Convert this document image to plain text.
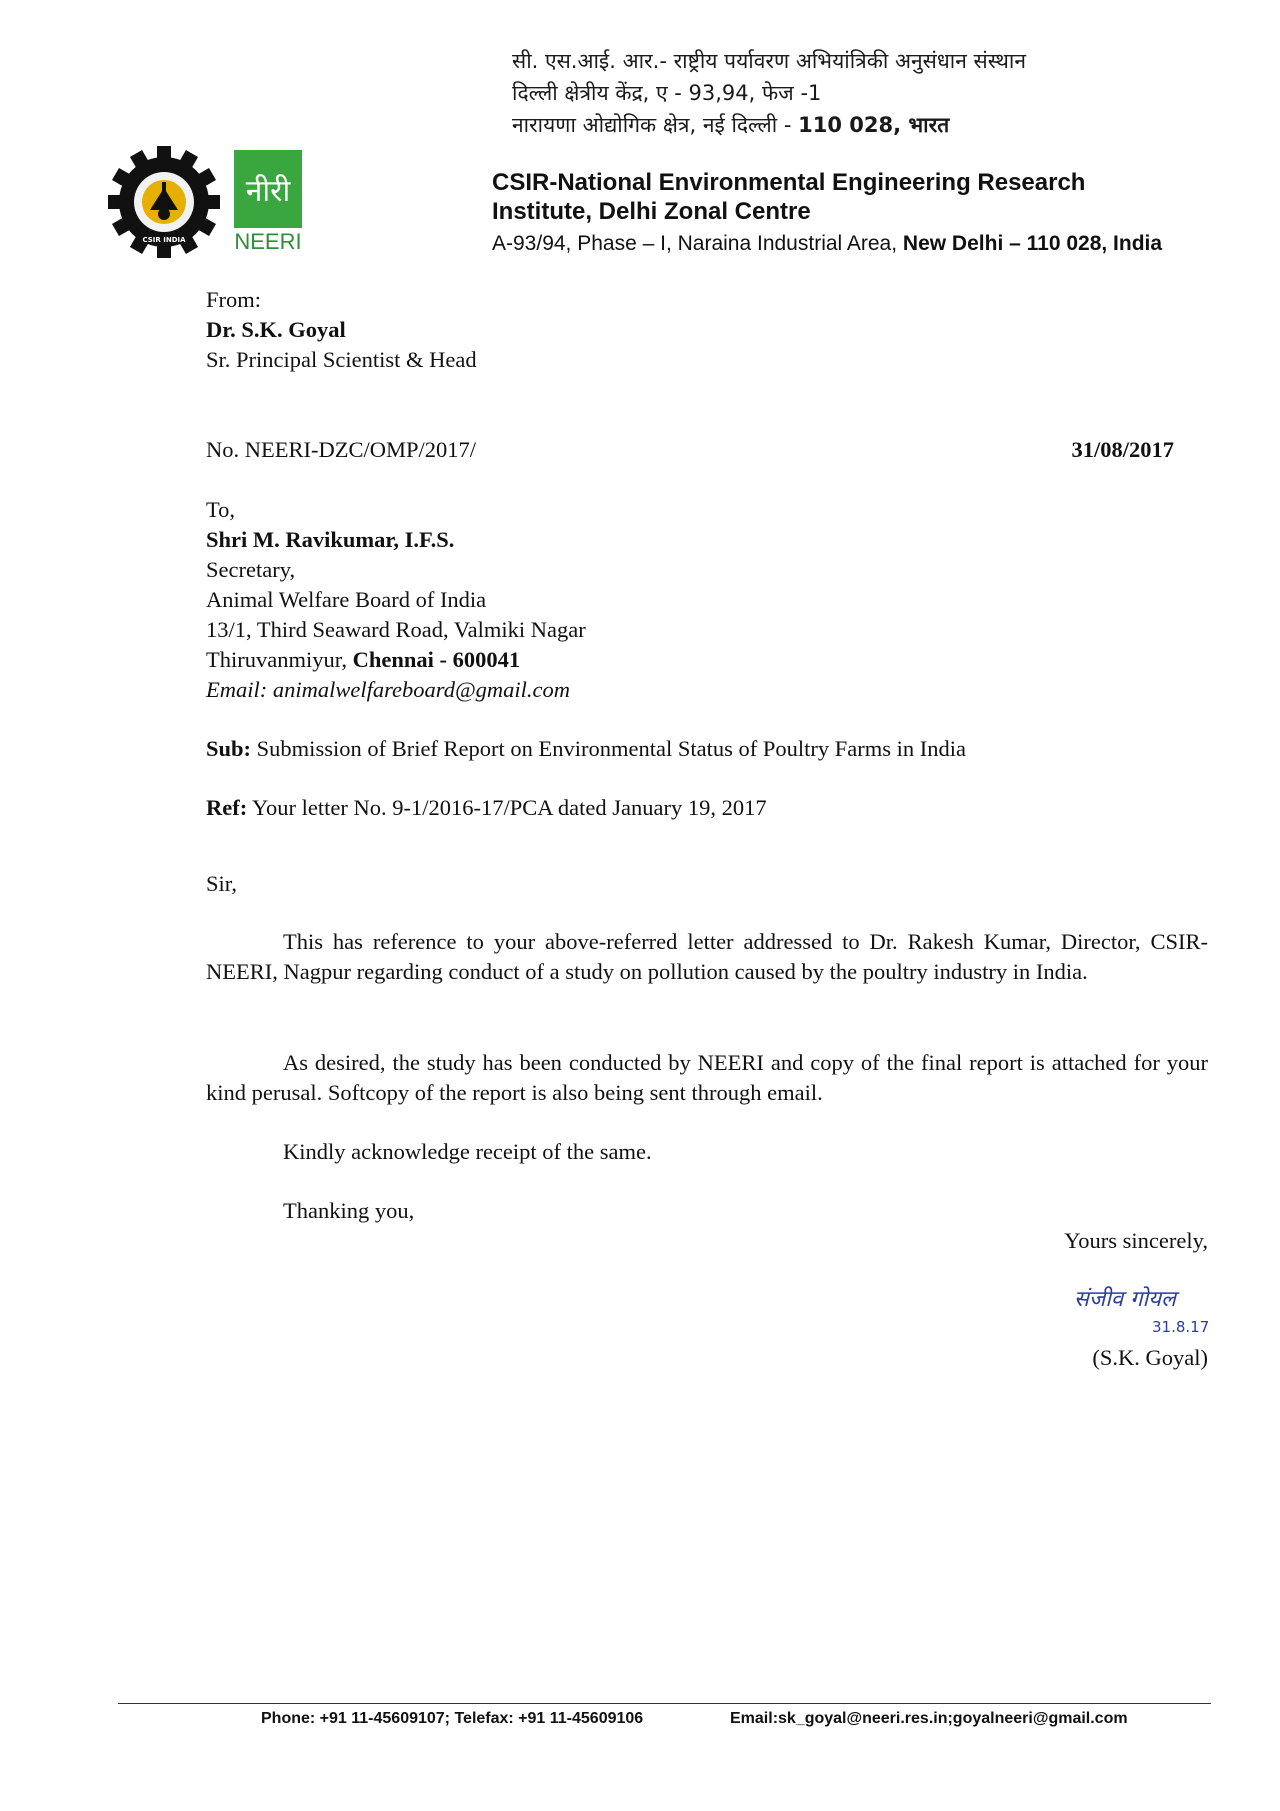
सी. एस.आई. आर.- राष्ट्रीय पर्यावरण अभियांत्रिकी अनुसंधान संस्थान
दिल्ली क्षेत्रीय केंद्र, ए - 93,94, फेज -1
नारायणा ओद्योगिक क्षेत्र, नई दिल्ली - 110 028, भारत
CSIR INDIA
नीरी
NEERI
CSIR-National Environmental Engineering Research
Institute, Delhi Zonal Centre
A-93/94, Phase – I, Naraina Industrial Area, New Delhi – 110 028, India
From:
Dr. S.K. Goyal
Sr. Principal Scientist & Head
No. NEERI-DZC/OMP/2017/	31/08/2017
To,
Shri M. Ravikumar, I.F.S.
Secretary,
Animal Welfare Board of India
13/1, Third Seaward Road, Valmiki Nagar
Thiruvanmiyur, Chennai - 600041
Email: animalwelfareboard@gmail.com
Sub: Submission of Brief Report on Environmental Status of Poultry Farms in India
Ref: Your letter No. 9-1/2016-17/PCA dated January 19, 2017
Sir,
This has reference to your above-referred letter addressed to Dr. Rakesh Kumar, Director, CSIR-NEERI, Nagpur regarding conduct of a study on pollution caused by the poultry industry in India.
As desired, the study has been conducted by NEERI and copy of the final report is attached for your kind perusal. Softcopy of the report is also being sent through email.
Kindly acknowledge receipt of the same.
Thanking you,
Yours sincerely,
संजीव गोयल
31.8.17
(S.K. Goyal)
Phone: +91 11-45609107; Telefax: +91 11-45609106	Email:sk_goyal@neeri.res.in;goyalneeri@gmail.com
